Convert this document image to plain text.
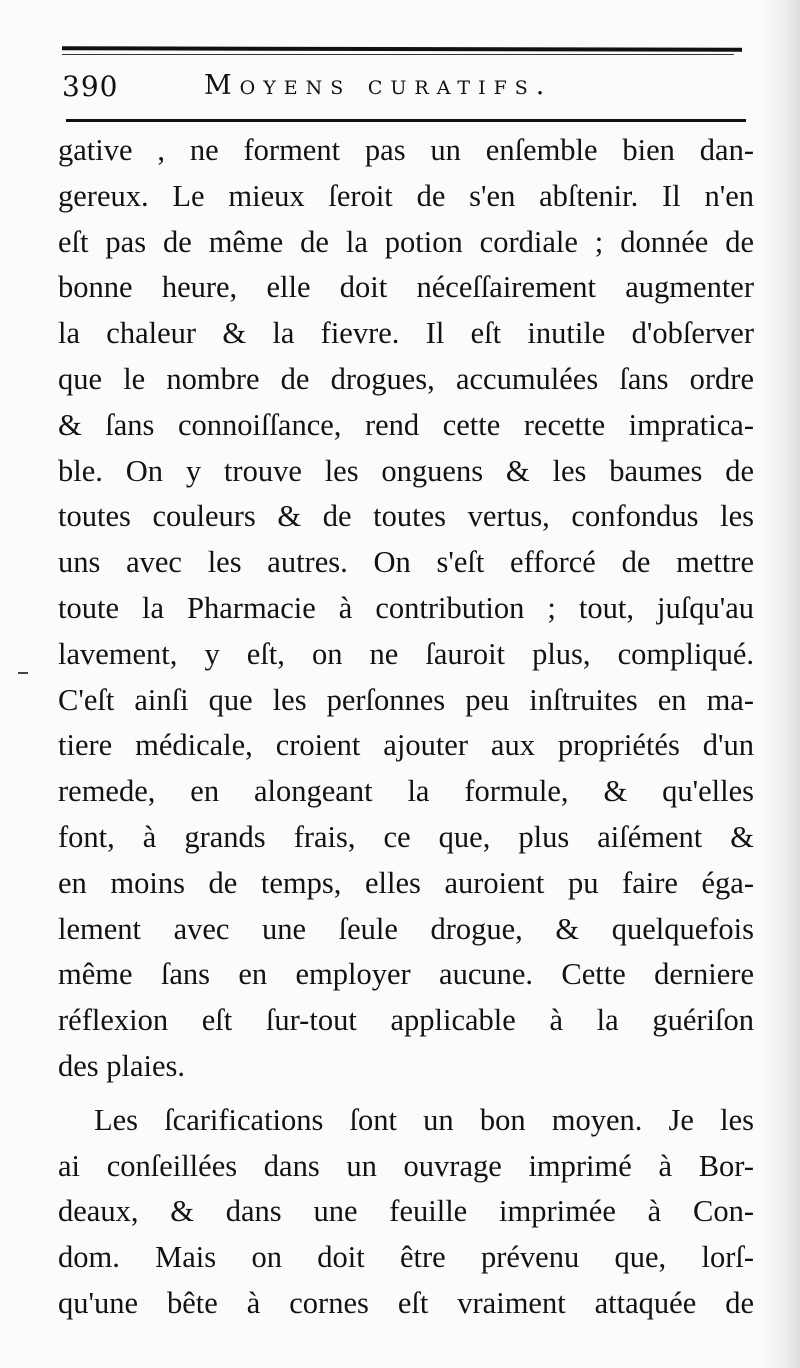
390	Moyens curatifs.
gative , ne forment pas un enſemble bien dan-
gereux. Le mieux ſeroit de s'en abſtenir. Il n'en
eſt pas de même de la potion cordiale ; donnée de
bonne heure, elle doit néceſſairement augmenter
la chaleur & la fievre. Il eſt inutile d'obſerver
que le nombre de drogues, accumulées ſans ordre
& ſans connoiſſance, rend cette recette impratica-
ble. On y trouve les onguens & les baumes de
toutes couleurs & de toutes vertus, confondus les
uns avec les autres. On s'eſt efforcé de mettre
toute la Pharmacie à contribution ; tout, juſqu'au
lavement, y eſt, on ne ſauroit plus, compliqué.
C'eſt ainſi que les perſonnes peu inſtruites en ma-
tiere médicale, croient ajouter aux propriétés d'un
remede, en alongeant la formule, & qu'elles
font, à grands frais, ce que, plus aiſément &
en moins de temps, elles auroient pu faire éga-
lement avec une ſeule drogue, & quelquefois
même ſans en employer aucune. Cette derniere
réflexion eſt ſur-tout applicable à la guériſon
des plaies.
Les ſcarifications ſont un bon moyen. Je les
ai conſeillées dans un ouvrage imprimé à Bor-
deaux, & dans une feuille imprimée à Con-
dom. Mais on doit être prévenu que, lorſ-
qu'une bête à cornes eſt vraiment attaquée de
